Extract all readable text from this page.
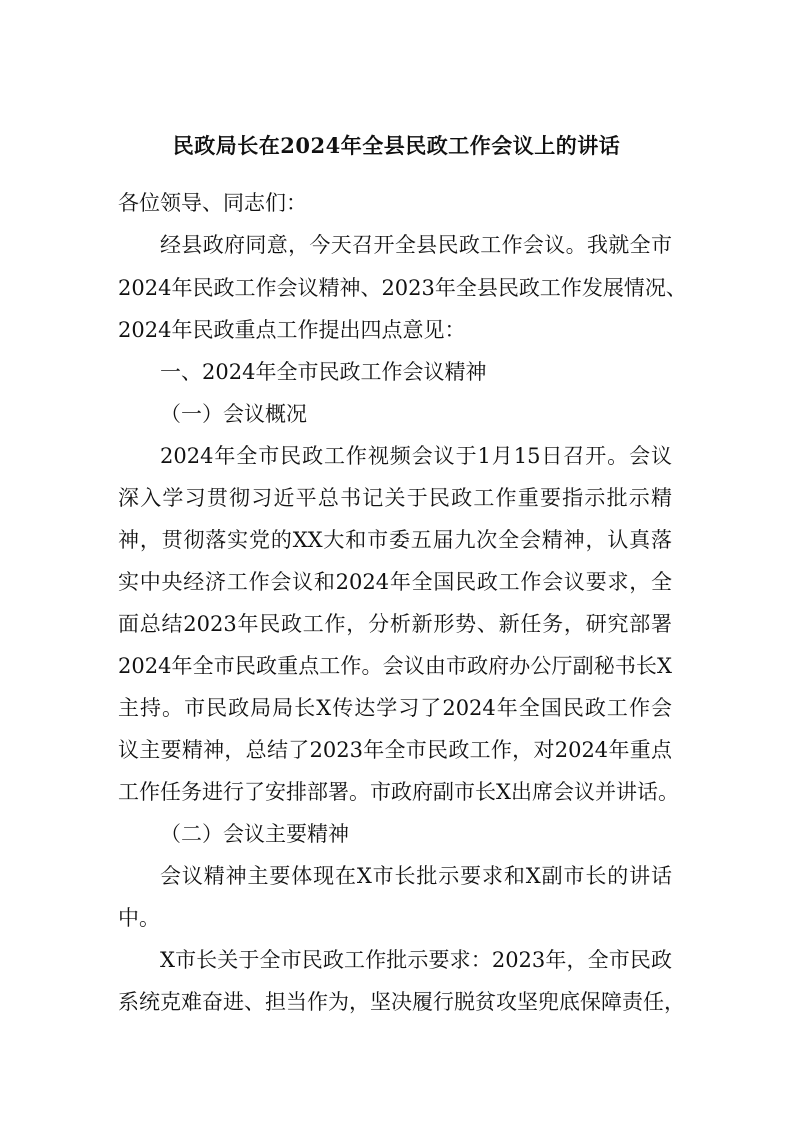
民政局长在2024年全县民政工作会议上的讲话
各位领导、同志们：
经县政府同意，今天召开全县民政工作会议。我就全市
2024年民政工作会议精神、2023年全县民政工作发展情况、
2024年民政重点工作提出四点意见：
一、2024年全市民政工作会议精神
（一）会议概况
2024年全市民政工作视频会议于1月15日召开。会议
深入学习贯彻习近平总书记关于民政工作重要指示批示精
神，贯彻落实党的XX大和市委五届九次全会精神，认真落
实中央经济工作会议和2024年全国民政工作会议要求，全
面总结2023年民政工作，分析新形势、新任务，研究部署
2024年全市民政重点工作。会议由市政府办公厅副秘书长X
主持。市民政局局长X传达学习了2024年全国民政工作会
议主要精神，总结了2023年全市民政工作，对2024年重点
工作任务进行了安排部署。市政府副市长X出席会议并讲话。
（二）会议主要精神
会议精神主要体现在X市长批示要求和X副市长的讲话
中。
X市长关于全市民政工作批示要求：2023年，全市民政
系统克难奋进、担当作为，坚决履行脱贫攻坚兜底保障责任，
